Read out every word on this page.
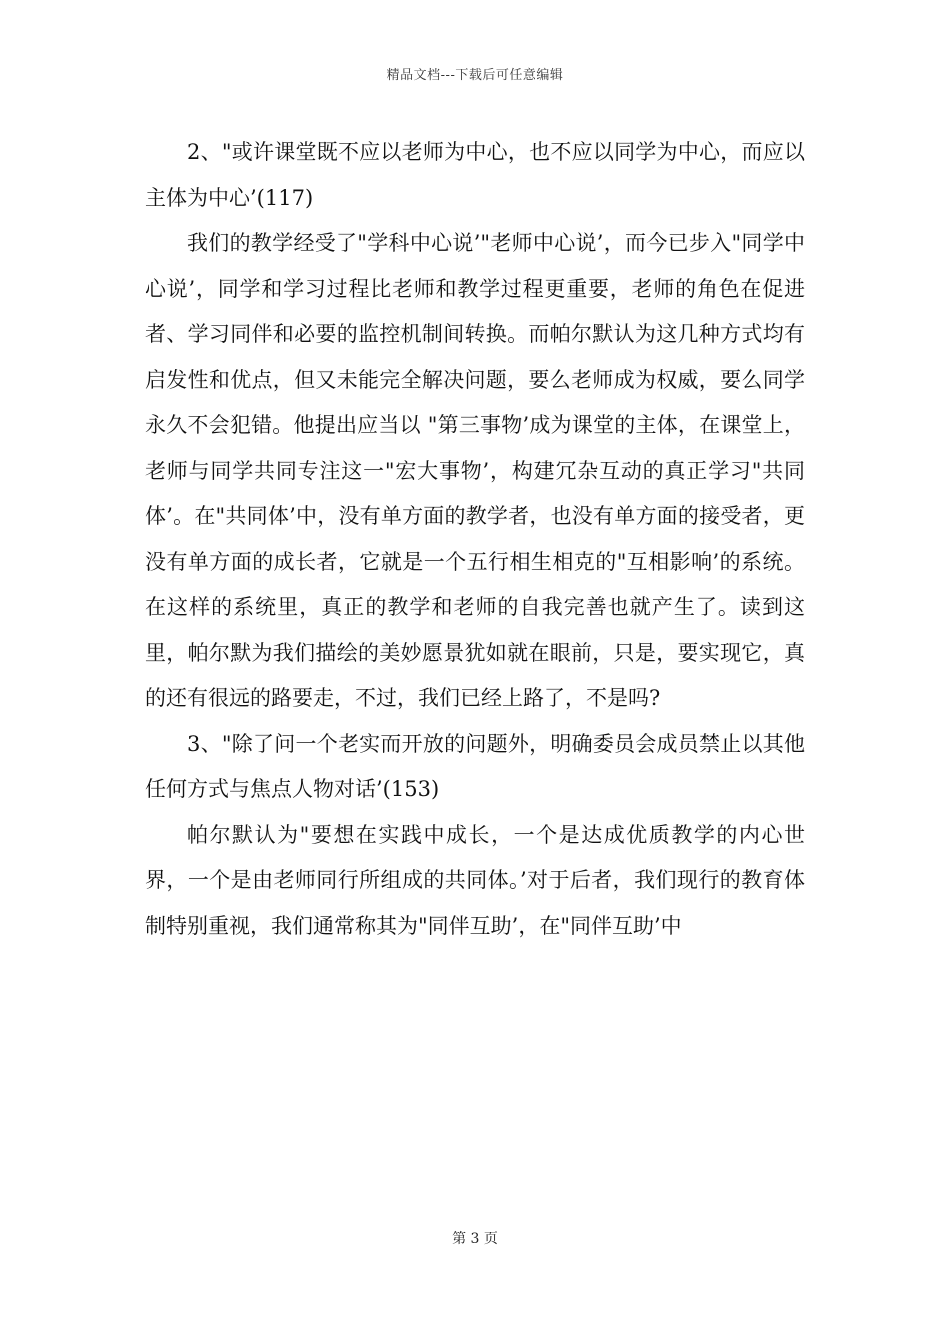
精品文档---下载后可任意编辑

2、"或许课堂既不应以老师为中心，也不应以同学为中心，而应以主体为中心’(117)

我们的教学经受了"学科中心说’"老师中心说’，而今已步入"同学中心说’，同学和学习过程比老师和教学过程更重要，老师的角色在促进者、学习同伴和必要的监控机制间转换。而帕尔默认为这几种方式均有启发性和优点，但又未能完全解决问题，要么老师成为权威，要么同学永久不会犯错。他提出应当以 "第三事物’成为课堂的主体，在课堂上，老师与同学共同专注这一"宏大事物’，构建冗杂互动的真正学习"共同体’。在"共同体’中，没有单方面的教学者，也没有单方面的接受者，更没有单方面的成长者，它就是一个五行相生相克的"互相影响’的系统。在这样的系统里，真正的教学和老师的自我完善也就产生了。读到这里，帕尔默为我们描绘的美妙愿景犹如就在眼前，只是，要实现它，真的还有很远的路要走，不过，我们已经上路了，不是吗?

3、"除了问一个老实而开放的问题外，明确委员会成员禁止以其他任何方式与焦点人物对话’(153)

帕尔默认为"要想在实践中成长，一个是达成优质教学的内心世界，一个是由老师同行所组成的共同体。’对于后者，我们现行的教育体制特别重视，我们通常称其为"同伴互助’，在"同伴互助’中

第 3 页
